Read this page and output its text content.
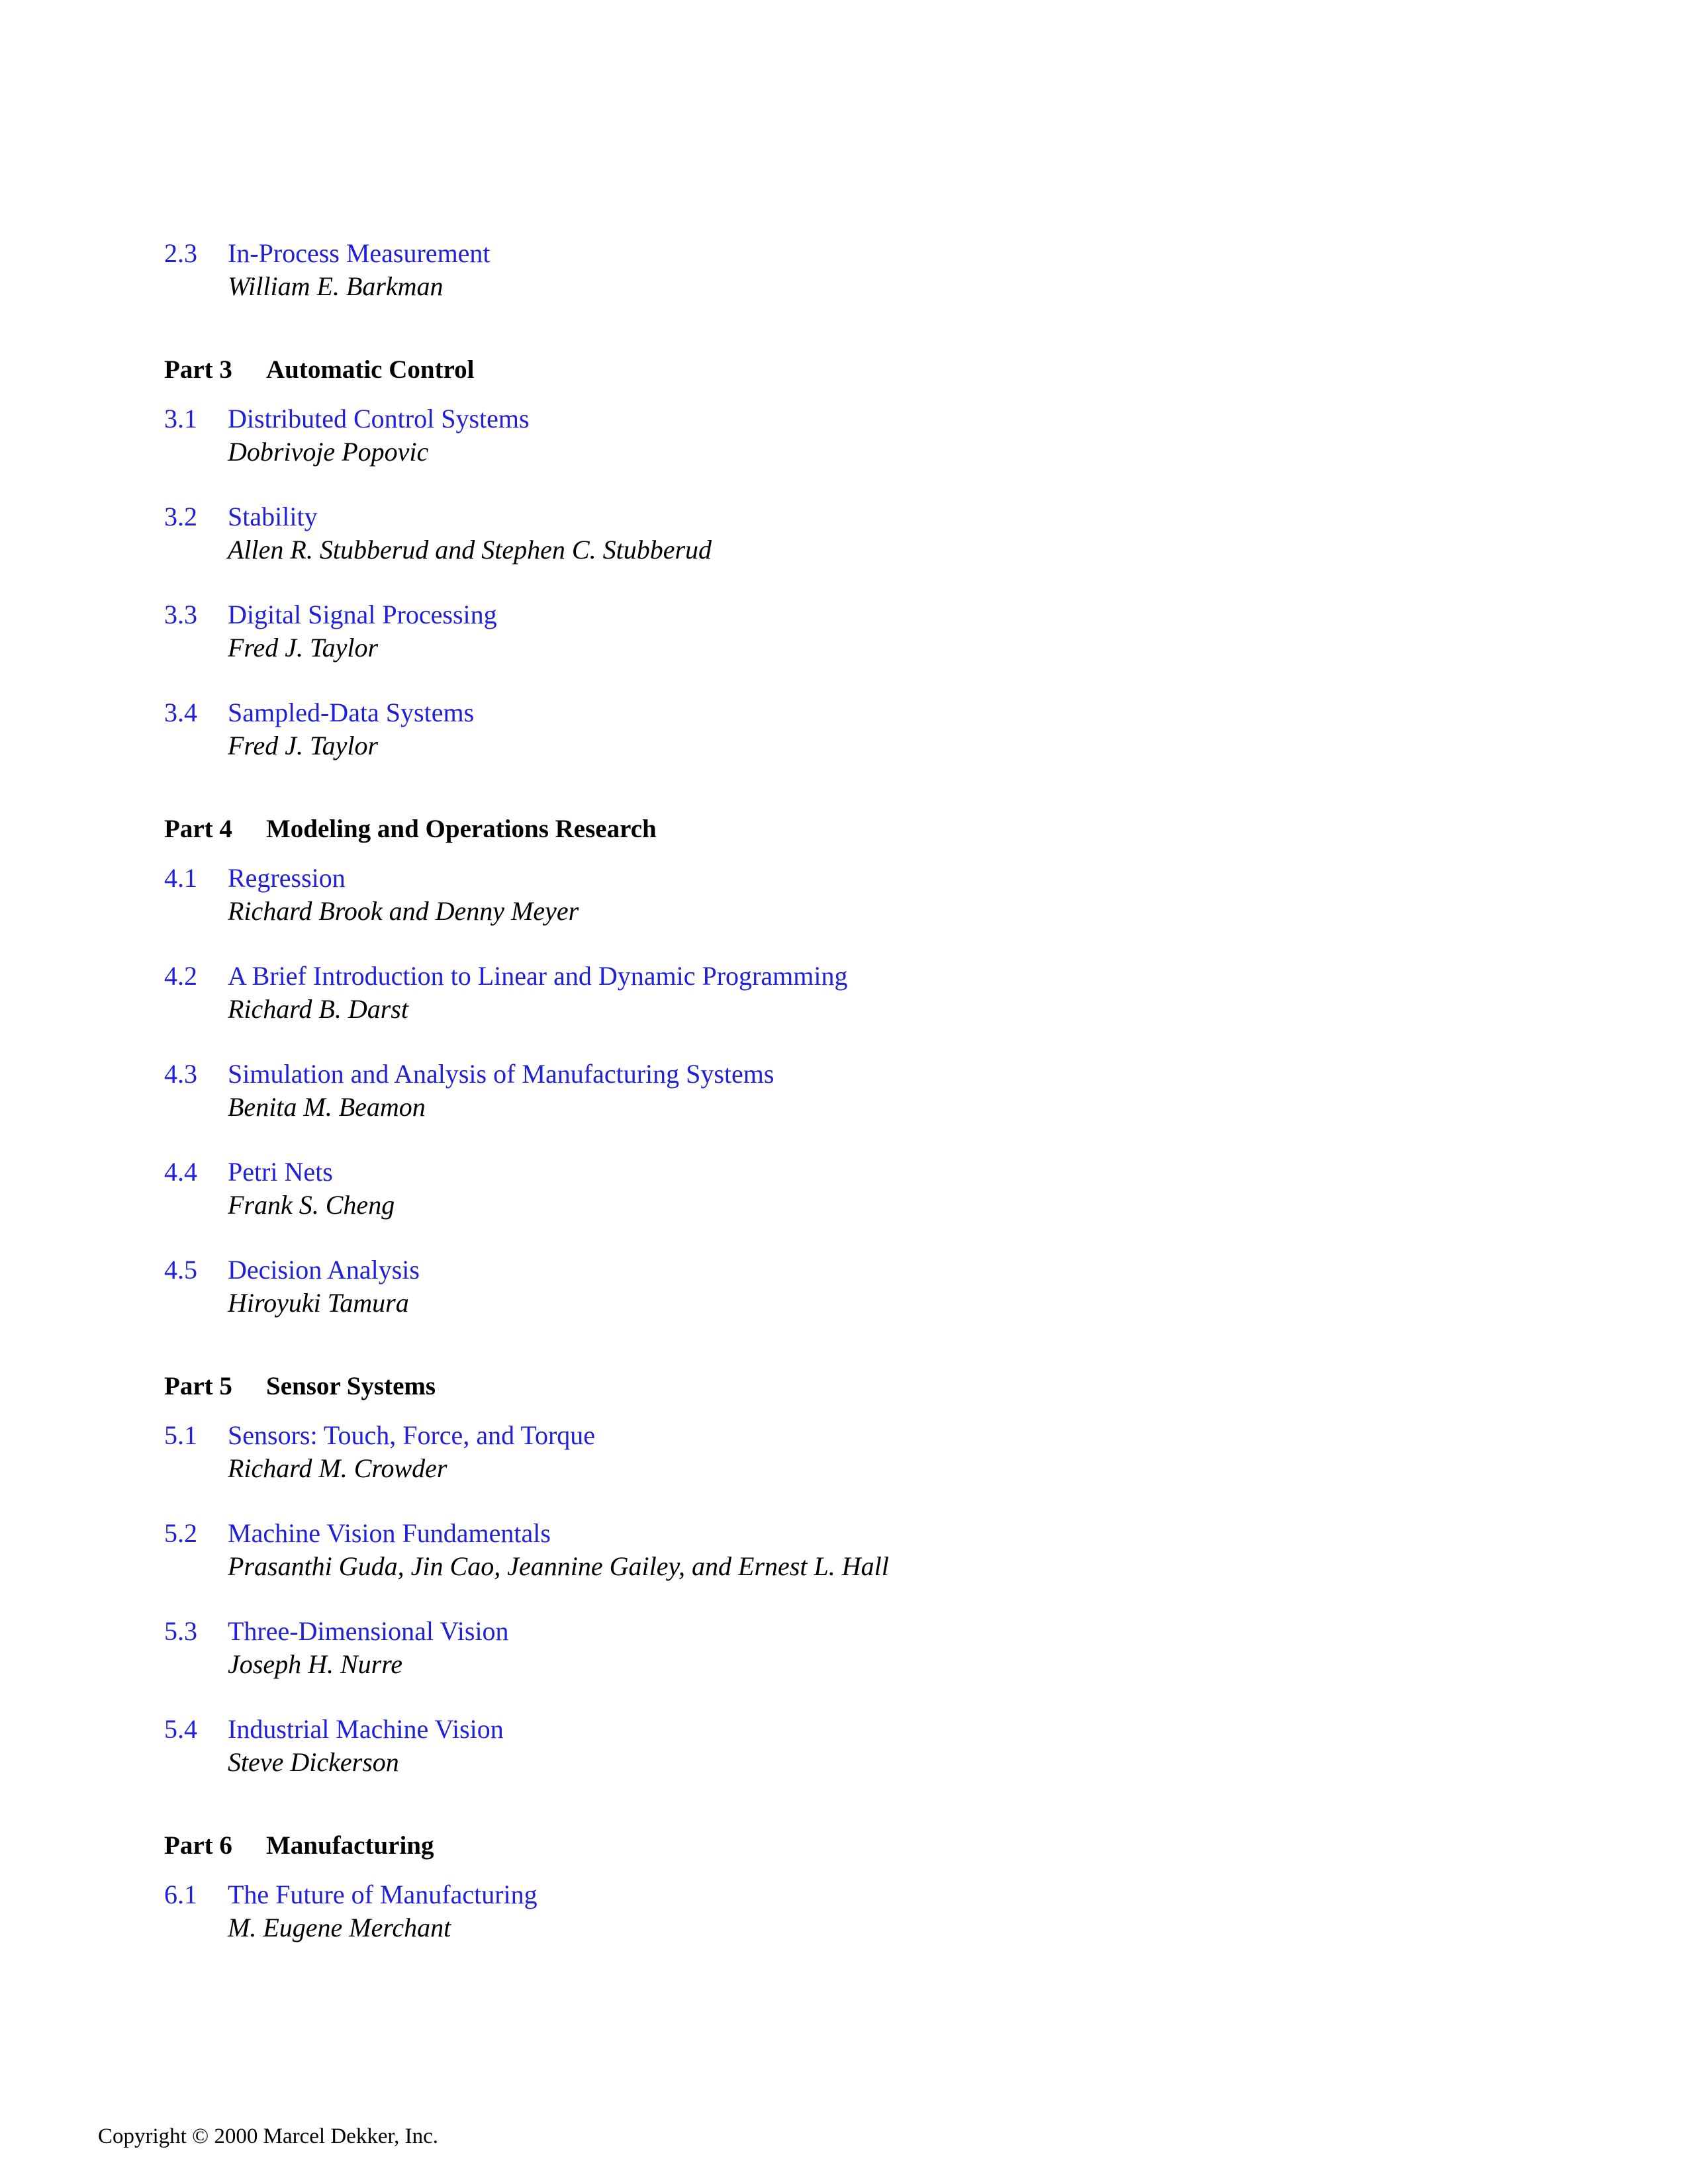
2.3	In-Process Measurement
William E. Barkman
Part 3	Automatic Control
3.1	Distributed Control Systems
Dobrivoje Popovic
3.2	Stability
Allen R. Stubberud and Stephen C. Stubberud
3.3	Digital Signal Processing
Fred J. Taylor
3.4	Sampled-Data Systems
Fred J. Taylor
Part 4	Modeling and Operations Research
4.1	Regression
Richard Brook and Denny Meyer
4.2	A Brief Introduction to Linear and Dynamic Programming
Richard B. Darst
4.3	Simulation and Analysis of Manufacturing Systems
Benita M. Beamon
4.4	Petri Nets
Frank S. Cheng
4.5	Decision Analysis
Hiroyuki Tamura
Part 5	Sensor Systems
5.1	Sensors: Touch, Force, and Torque
Richard M. Crowder
5.2	Machine Vision Fundamentals
Prasanthi Guda, Jin Cao, Jeannine Gailey, and Ernest L. Hall
5.3	Three-Dimensional Vision
Joseph H. Nurre
5.4	Industrial Machine Vision
Steve Dickerson
Part 6	Manufacturing
6.1	The Future of Manufacturing
M. Eugene Merchant
Copyright © 2000 Marcel Dekker, Inc.
